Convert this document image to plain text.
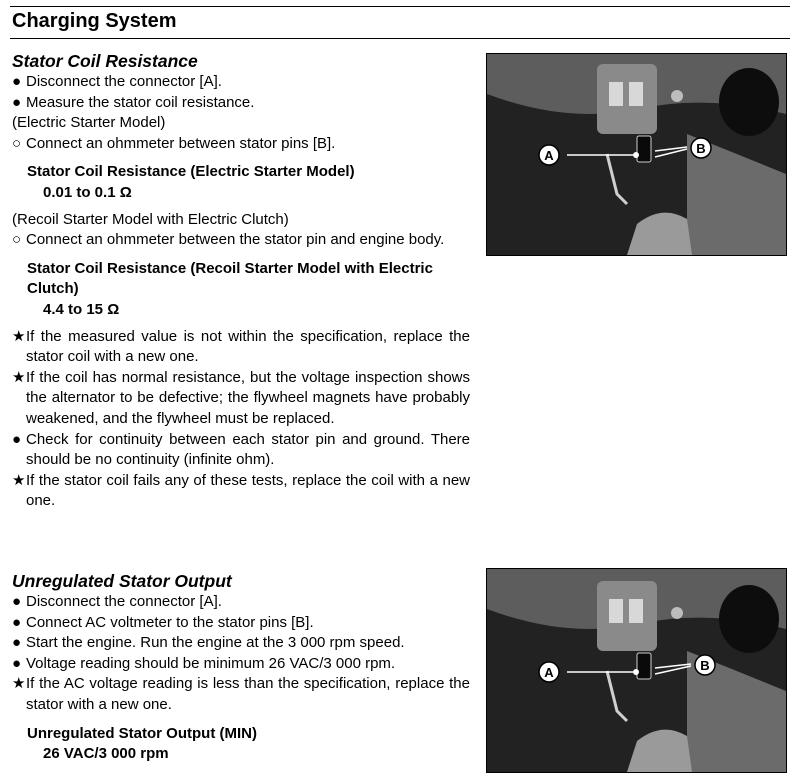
Charging System
Stator Coil Resistance
● Disconnect the connector [A].
● Measure the stator coil resistance.
(Electric Starter Model)
○ Connect an ohmmeter between stator pins [B].
Stator Coil Resistance (Electric Starter Model)
0.01 to 0.1 Ω
(Recoil Starter Model with Electric Clutch)
○ Connect an ohmmeter between the stator pin and engine body.
Stator Coil Resistance (Recoil Starter Model with Electric Clutch)
4.4 to 15 Ω
★ If the measured value is not within the specification, replace the stator coil with a new one.
★ If the coil has normal resistance, but the voltage inspection shows the alternator to be defective; the flywheel magnets have probably weakened, and the flywheel must be replaced.
● Check for continuity between each stator pin and ground. There should be no continuity (infinite ohm).
★ If the stator coil fails any of these tests, replace the coil with a new one.
Unregulated Stator Output
● Disconnect the connector [A].
● Connect AC voltmeter to the stator pins [B].
● Start the engine. Run the engine at the 3 000 rpm speed.
● Voltage reading should be minimum 26 VAC/3 000 rpm.
★ If the AC voltage reading is less than the specification, replace the stator with a new one.
Unregulated Stator Output (MIN)
26 VAC/3 000 rpm
A	B
A	B
